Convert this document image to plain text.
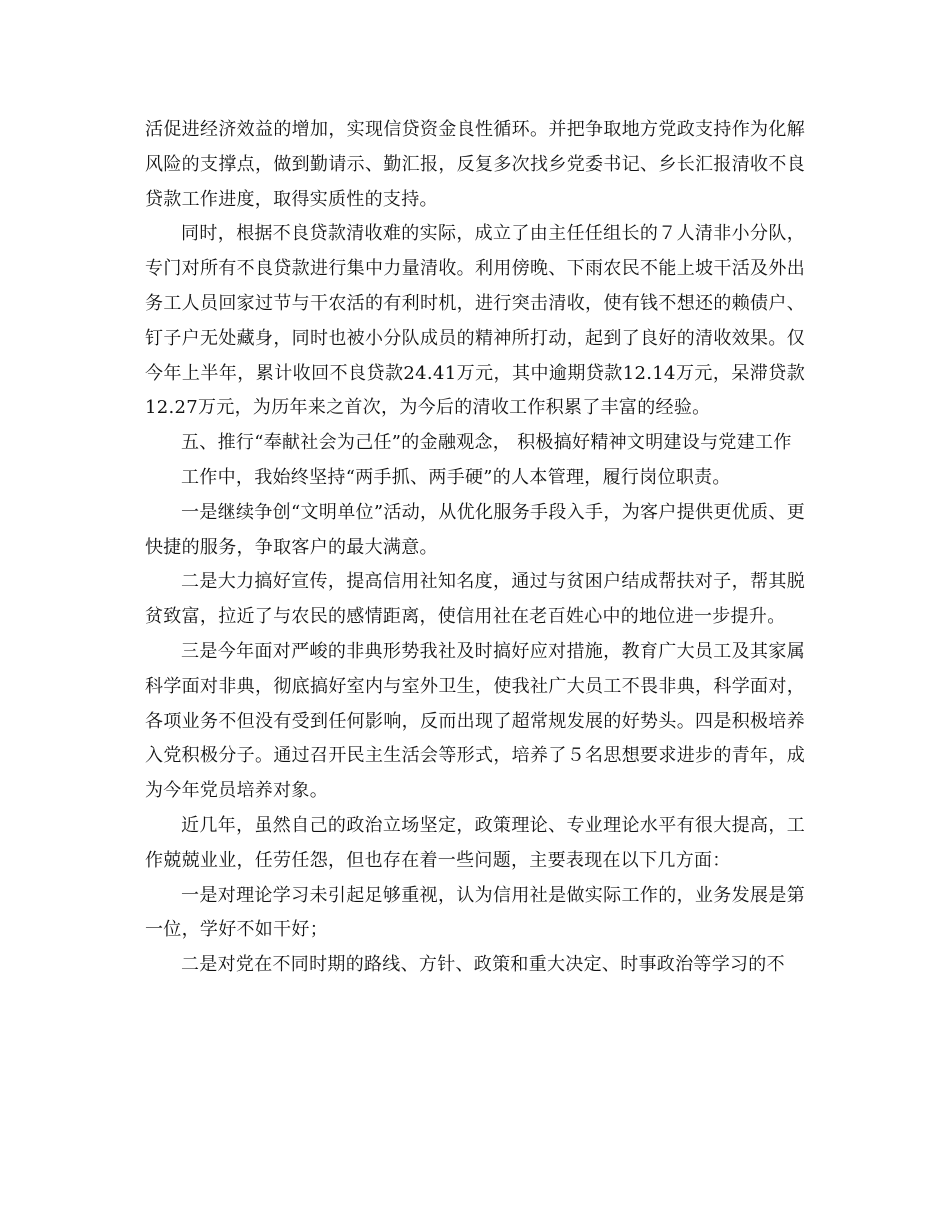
活促进经济效益的增加，实现信贷资金良性循环。并把争取地方党政支持作为化解风险的支撑点，做到勤请示、勤汇报，反复多次找乡党委书记、乡长汇报清收不良贷款工作进度，取得实质性的支持。

同时，根据不良贷款清收难的实际，成立了由主任任组长的７人清非小分队，专门对所有不良贷款进行集中力量清收。利用傍晚、下雨农民不能上坡干活及外出务工人员回家过节与干农活的有利时机，进行突击清收，使有钱不想还的赖债户、钉子户无处藏身，同时也被小分队成员的精神所打动，起到了良好的清收效果。仅今年上半年，累计收回不良贷款24.41万元，其中逾期贷款12.14万元，呆滞贷款12.27万元，为历年来之首次，为今后的清收工作积累了丰富的经验。

五、推行“奉献社会为己任”的金融观念， 积极搞好精神文明建设与党建工作

工作中，我始终坚持“两手抓、两手硬”的人本管理，履行岗位职责。

一是继续争创“文明单位”活动，从优化服务手段入手，为客户提供更优质、更快捷的服务，争取客户的最大满意。

二是大力搞好宣传，提高信用社知名度，通过与贫困户结成帮扶对子，帮其脱贫致富，拉近了与农民的感情距离，使信用社在老百姓心中的地位进一步提升。

三是今年面对严峻的非典形势我社及时搞好应对措施，教育广大员工及其家属科学面对非典，彻底搞好室内与室外卫生，使我社广大员工不畏非典，科学面对，各项业务不但没有受到任何影响，反而出现了超常规发展的好势头。四是积极培养入党积极分子。通过召开民主生活会等形式，培养了５名思想要求进步的青年，成为今年党员培养对象。

近几年，虽然自己的政治立场坚定，政策理论、专业理论水平有很大提高，工作兢兢业业，任劳任怨，但也存在着一些问题，主要表现在以下几方面：

一是对理论学习未引起足够重视，认为信用社是做实际工作的，业务发展是第一位，学好不如干好；

二是对党在不同时期的路线、方针、政策和重大决定、时事政治等学习的不
